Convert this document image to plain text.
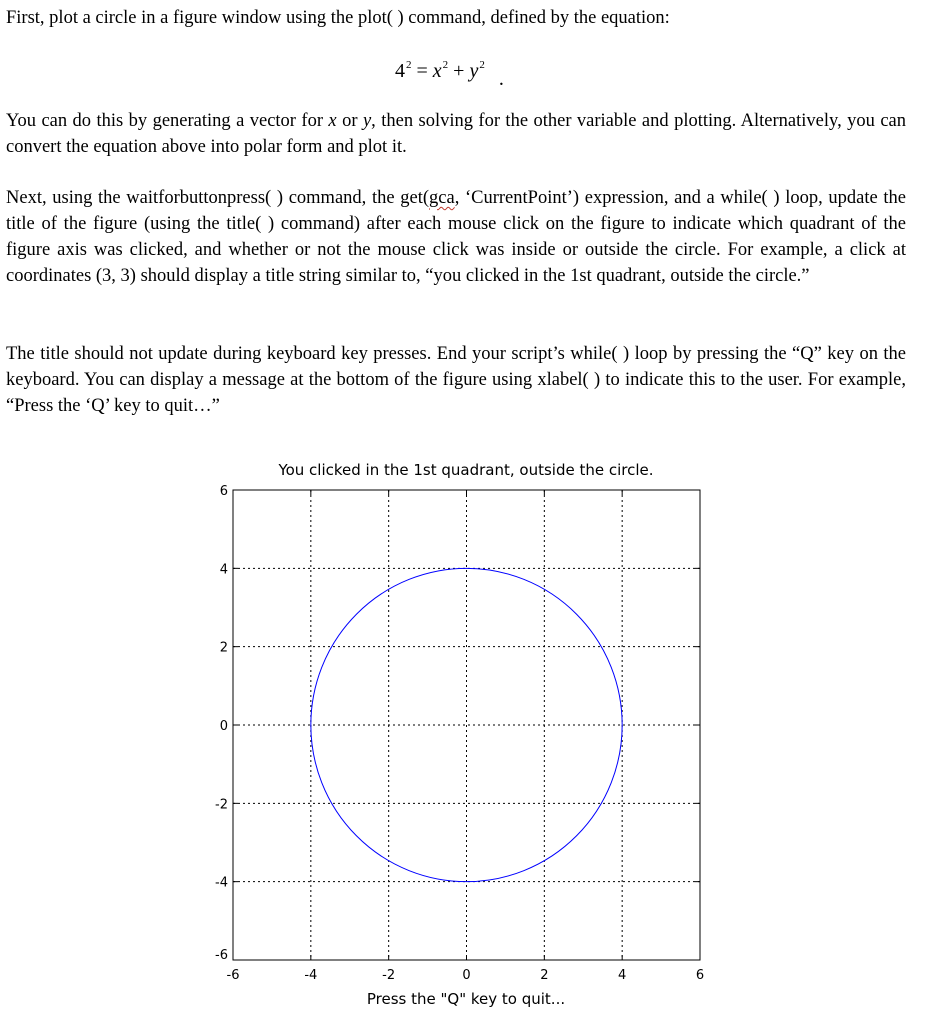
First, plot a circle in a figure window using the plot( ) command, defined by the equation:
$4^2 = x^2 + y^2$.

You can do this by generating a vector for x or y, then solving for the other variable and plotting. Alternatively, you can convert the equation above into polar form and plot it.

Next, using the waitforbuttonpress( ) command, the get(gca, ‘CurrentPoint’) expression, and a while( ) loop, update the title of the figure (using the title( ) command) after each mouse click on the figure to indicate which quadrant of the figure axis was clicked, and whether or not the mouse click was inside or outside the circle. For example, a click at coordinates (3, 3) should display a title string similar to, “you clicked in the 1st quadrant, outside the circle.”

The title should not update during keyboard key presses. End your script’s while( ) loop by pressing the “Q” key on the keyboard. You can display a message at the bottom of the figure using xlabel( ) to indicate this to the user. For example, “Press the ‘Q’ key to quit…”

You clicked in the 1st quadrant, outside the circle.
-6	-4	-2	0	2	4	6
-6
-4
-2
0
2
4
6
Press the "Q" key to quit...
